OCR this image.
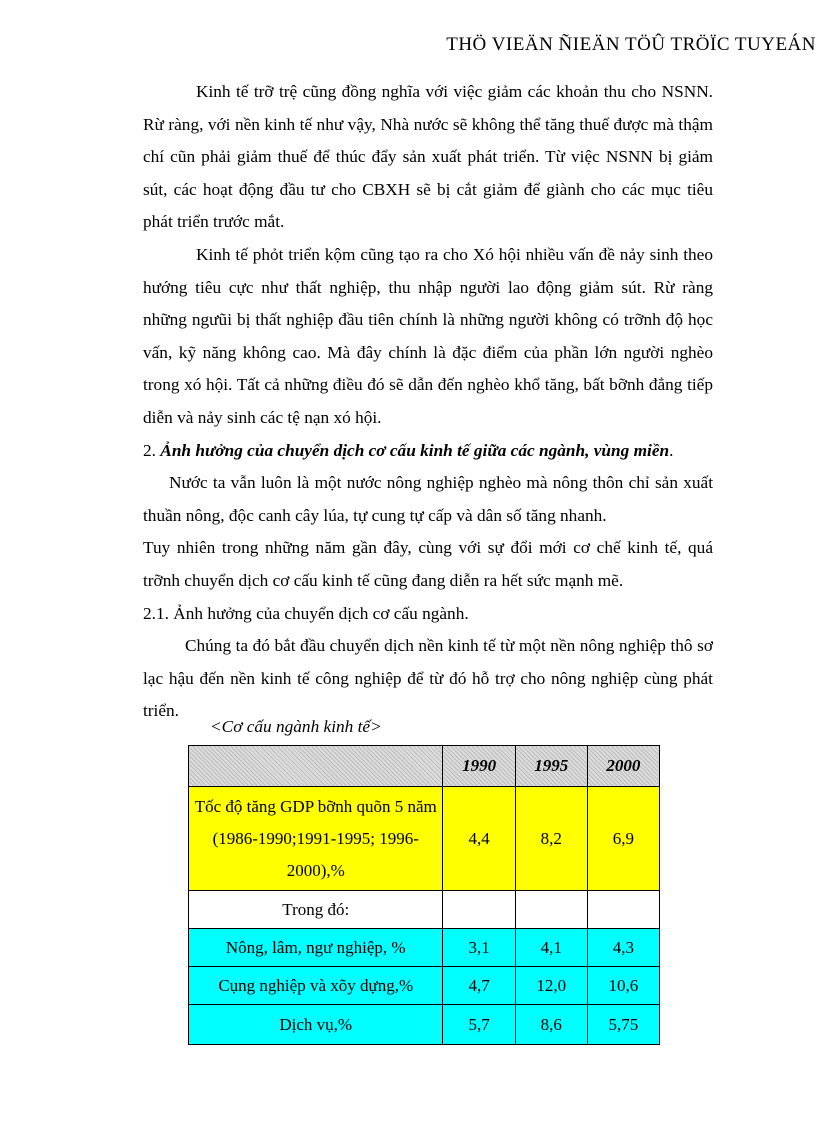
THÖ VIEÄN ÑIEÄN TÖÛ TRÖÏC TUYEÁN

Kinh tế trỡ trệ cũng đồng nghĩa với việc giảm các khoản thu cho NSNN. Rừ ràng, với nền kinh tế như vậy, Nhà nước sẽ không thể tăng thuế được mà thậm chí cũn phải giảm thuế để thúc đẩy sản xuất phát triển. Từ việc NSNN bị giảm sút, các hoạt động đầu tư cho CBXH sẽ bị cắt giảm để giành cho các mục tiêu phát triển trước mắt.

Kinh tế phỏt triển kộm cũng tạo ra cho Xó hội nhiều vấn đề nảy sinh theo hướng tiêu cực như thất nghiệp, thu nhập người lao động giảm sút. Rừ ràng những ngưũi bị thất nghiệp đầu tiên chính là những người không có trỡnh độ học vấn, kỹ năng không cao. Mà đây chính là đặc điểm của phần lớn người nghèo trong xó hội. Tất cả những điều đó sẽ dẫn đến nghèo khổ tăng, bất bỡnh đẳng tiếp diễn và nảy sinh các tệ nạn xó hội.

2. Ảnh hưởng của chuyển dịch cơ cấu kinh tế giữa các ngành, vùng miền.

Nước ta vẫn luôn là một nước nông nghiệp nghèo mà nông thôn chỉ sản xuất thuần nông, độc canh cây lúa, tự cung tự cấp và dân số tăng nhanh.

Tuy nhiên trong những năm gần đây, cùng với sự đổi mới cơ chế kinh tế, quá trỡnh chuyển dịch cơ cấu kinh tế cũng đang diễn ra hết sức mạnh mẽ.

2.1. Ảnh hưởng của chuyển dịch cơ cấu ngành.

Chúng ta đó bắt đầu chuyển dịch nền kinh tế từ một nền nông nghiệp thô sơ lạc hậu đến nền kinh tế công nghiệp để từ đó hỗ trợ cho nông nghiệp cùng phát triển.

<Cơ cấu ngành kinh tế>
	1990	1995	2000
Tốc độ tăng GDP bỡnh quõn 5 năm (1986-1990;1991-1995; 1996-2000),%	4,4	8,2	6,9
Trong đó:			
Nông, lâm, ngư nghiệp, %	3,1	4,1	4,3
Cụng nghiệp và xõy dựng,%	4,7	12,0	10,6
Dịch vụ,%	5,7	8,6	5,75
